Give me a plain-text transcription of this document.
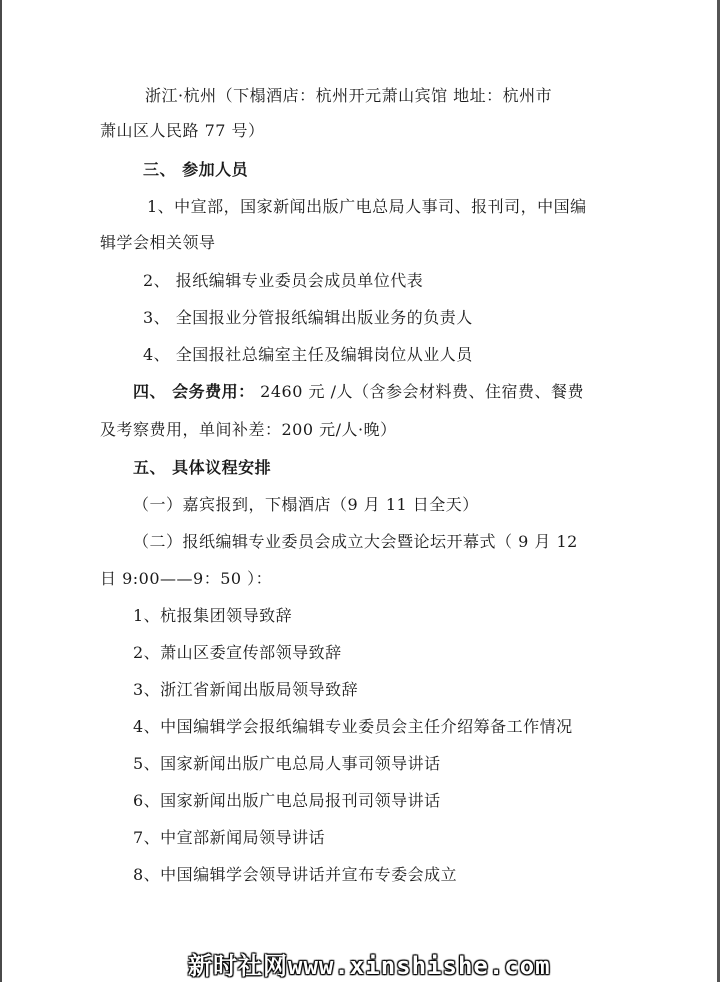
浙江·杭州（下榻酒店：杭州开元萧山宾馆 地址：杭州市
萧山区人民路 77 号）
三、 参加人员
1、中宣部，国家新闻出版广电总局人事司、报刊司，中国编
辑学会相关领导
2、 报纸编辑专业委员会成员单位代表
3、 全国报业分管报纸编辑出版业务的负责人
4、 全国报社总编室主任及编辑岗位从业人员
四、 会务费用： 2460 元 /人（含参会材料费、住宿费、餐费
及考察费用，单间补差：200 元/人·晚）
五、 具体议程安排
（一）嘉宾报到，下榻酒店（9 月 11 日全天）
（二）报纸编辑专业委员会成立大会暨论坛开幕式（ 9 月 12
日 9:00——9：50 ）：
1、杭报集团领导致辞
2、萧山区委宣传部领导致辞
3、浙江省新闻出版局领导致辞
4、中国编辑学会报纸编辑专业委员会主任介绍筹备工作情况
5、国家新闻出版广电总局人事司领导讲话
6、国家新闻出版广电总局报刊司领导讲话
7、中宣部新闻局领导讲话
8、中国编辑学会领导讲话并宣布专委会成立
新时社网www.xinshishe.com
